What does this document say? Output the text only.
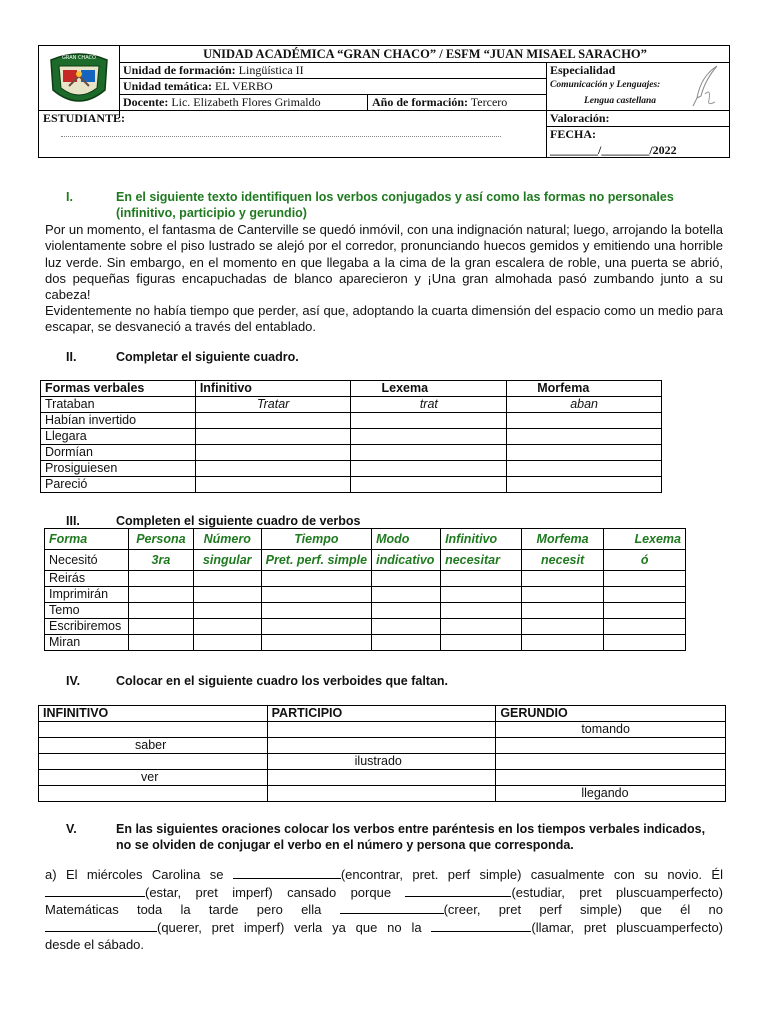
GRAN CHACO	UNIDAD ACADÉMICA “GRAN CHACO” / ESFM “JUAN MISAEL SARACHO”
Unidad de formación: Lingüística II
Unidad temática: EL VERBO
Docente: Lic. Elizabeth Flores Grimaldo	Año de formación: Tercero
Especialidad
Comunicación y Lenguajes:
Lengua castellana
ESTUDIANTE:	Valoración:
FECHA:
________/________/2022
I.	En el siguiente texto identifiquen los verbos conjugados y así como las formas no personales
(infinitivo, participio y gerundio)
Por un momento, el fantasma de Canterville se quedó inmóvil, con una indignación natural; luego, arrojando la botella violentamente sobre el piso lustrado se alejó por el corredor, pronunciando huecos gemidos y emitiendo una horrible luz verde. Sin embargo, en el momento en que llegaba a la cima de la gran escalera de roble, una puerta se abrió, dos pequeñas figuras encapuchadas de blanco aparecieron y ¡Una gran almohada pasó zumbando junto a su cabeza!
Evidentemente no había tiempo que perder, así que, adoptando la cuarta dimensión del espacio como un medio para escapar, se desvaneció a través del entablado.
II.	Completar el siguiente cuadro.
Formas verbales	Infinitivo	Lexema	Morfema
Trataban	Tratar	trat	aban
Habían invertido			
Llegara			
Dormían			
Prosiguiesen			
Pareció			
III.	Completen el siguiente cuadro de verbos
Forma	Persona	Número	Tiempo	Modo	Infinitivo	Morfema	Lexema
Necesitó	3ra	singular	Pret. perf. simple	indicativo	necesitar	necesit	ó
Reirás							
Imprimirán							
Temo							
Escribiremos							
Miran							
IV.	Colocar en el siguiente cuadro los verboides que faltan.
INFINITIVO	PARTICIPIO	GERUNDIO
		tomando
saber		
	ilustrado	
ver		
		llegando
V.	En las siguientes oraciones colocar los verbos entre paréntesis en los tiempos verbales indicados,
no se olviden de conjugar el verbo en el número y persona que corresponda.
a) El miércoles Carolina se	(encontrar, pret. perf simple) casualmente con su novio. Él
(estar, pret imperf) cansado porque	(estudiar, pret pluscuamperfecto)
Matemáticas toda la tarde pero ella	(creer, pret perf simple) que él no
(querer, pret imperf) verla ya que no la	(llamar, pret pluscuamperfecto)
desde el sábado.
